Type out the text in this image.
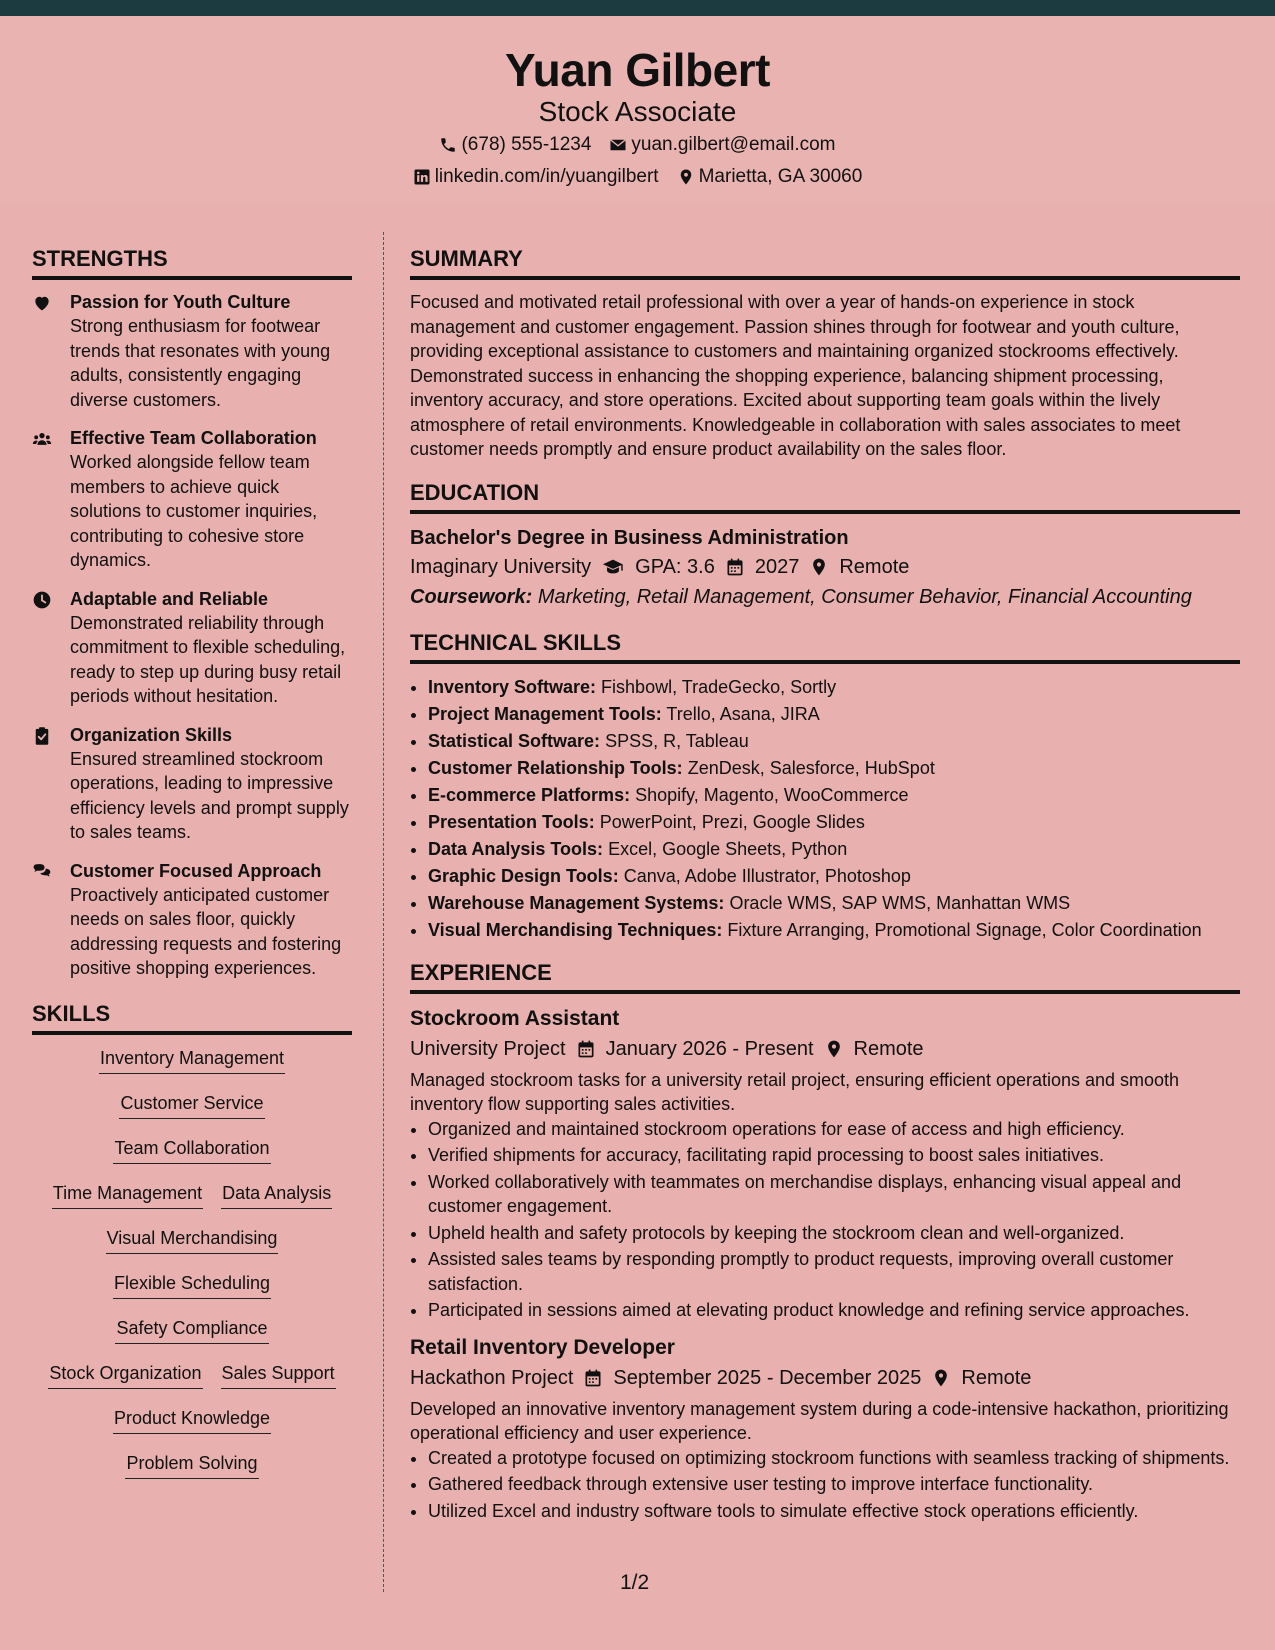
Yuan Gilbert
Stock Associate
(678) 555-1234 yuan.gilbert@email.com
linkedin.com/in/yuangilbert Marietta, GA 30060
STRENGTHS
Passion for Youth Culture
Strong enthusiasm for footwear trends that resonates with young adults, consistently engaging diverse customers.
Effective Team Collaboration
Worked alongside fellow team members to achieve quick solutions to customer inquiries, contributing to cohesive store dynamics.
Adaptable and Reliable
Demonstrated reliability through commitment to flexible scheduling, ready to step up during busy retail periods without hesitation.
Organization Skills
Ensured streamlined stockroom operations, leading to impressive efficiency levels and prompt supply to sales teams.
Customer Focused Approach
Proactively anticipated customer needs on sales floor, quickly addressing requests and fostering positive shopping experiences.
SKILLS
Inventory Management
Customer Service
Team Collaboration
Time Management Data Analysis
Visual Merchandising
Flexible Scheduling
Safety Compliance
Stock Organization Sales Support
Product Knowledge
Problem Solving
SUMMARY
Focused and motivated retail professional with over a year of hands-on experience in stock management and customer engagement. Passion shines through for footwear and youth culture, providing exceptional assistance to customers and maintaining organized stockrooms effectively. Demonstrated success in enhancing the shopping experience, balancing shipment processing, inventory accuracy, and store operations. Excited about supporting team goals within the lively atmosphere of retail environments. Knowledgeable in collaboration with sales associates to meet customer needs promptly and ensure product availability on the sales floor.
EDUCATION
Bachelor's Degree in Business Administration
Imaginary University GPA: 3.6 2027 Remote
Coursework: Marketing, Retail Management, Consumer Behavior, Financial Accounting
TECHNICAL SKILLS
• Inventory Software: Fishbowl, TradeGecko, Sortly
• Project Management Tools: Trello, Asana, JIRA
• Statistical Software: SPSS, R, Tableau
• Customer Relationship Tools: ZenDesk, Salesforce, HubSpot
• E-commerce Platforms: Shopify, Magento, WooCommerce
• Presentation Tools: PowerPoint, Prezi, Google Slides
• Data Analysis Tools: Excel, Google Sheets, Python
• Graphic Design Tools: Canva, Adobe Illustrator, Photoshop
• Warehouse Management Systems: Oracle WMS, SAP WMS, Manhattan WMS
• Visual Merchandising Techniques: Fixture Arranging, Promotional Signage, Color Coordination
EXPERIENCE
Stockroom Assistant
University Project January 2026 - Present Remote
Managed stockroom tasks for a university retail project, ensuring efficient operations and smooth inventory flow supporting sales activities.
• Organized and maintained stockroom operations for ease of access and high efficiency.
• Verified shipments for accuracy, facilitating rapid processing to boost sales initiatives.
• Worked collaboratively with teammates on merchandise displays, enhancing visual appeal and customer engagement.
• Upheld health and safety protocols by keeping the stockroom clean and well-organized.
• Assisted sales teams by responding promptly to product requests, improving overall customer satisfaction.
• Participated in sessions aimed at elevating product knowledge and refining service approaches.
Retail Inventory Developer
Hackathon Project September 2025 - December 2025 Remote
Developed an innovative inventory management system during a code-intensive hackathon, prioritizing operational efficiency and user experience.
• Created a prototype focused on optimizing stockroom functions with seamless tracking of shipments.
• Gathered feedback through extensive user testing to improve interface functionality.
• Utilized Excel and industry software tools to simulate effective stock operations efficiently.
1/2
